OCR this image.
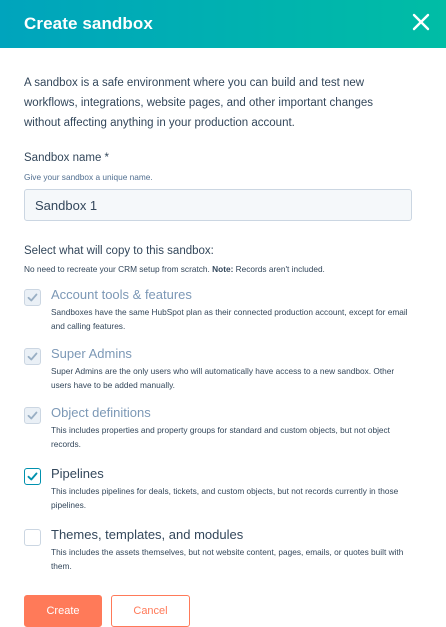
Create sandbox
A sandbox is a safe environment where you can build and test new workflows, integrations, website pages, and other important changes without affecting anything in your production account.
Sandbox name *
Give your sandbox a unique name.
Sandbox 1
Select what will copy to this sandbox:
No need to recreate your CRM setup from scratch. Note: Records aren't included.
Account tools & features
Sandboxes have the same HubSpot plan as their connected production account, except for email and calling features.
Super Admins
Super Admins are the only users who will automatically have access to a new sandbox. Other users have to be added manually.
Object definitions
This includes properties and property groups for standard and custom objects, but not object records.
Pipelines
This includes pipelines for deals, tickets, and custom objects, but not records currently in those pipelines.
Themes, templates, and modules
This includes the assets themselves, but not website content, pages, emails, or quotes built with them.
Create	Cancel
